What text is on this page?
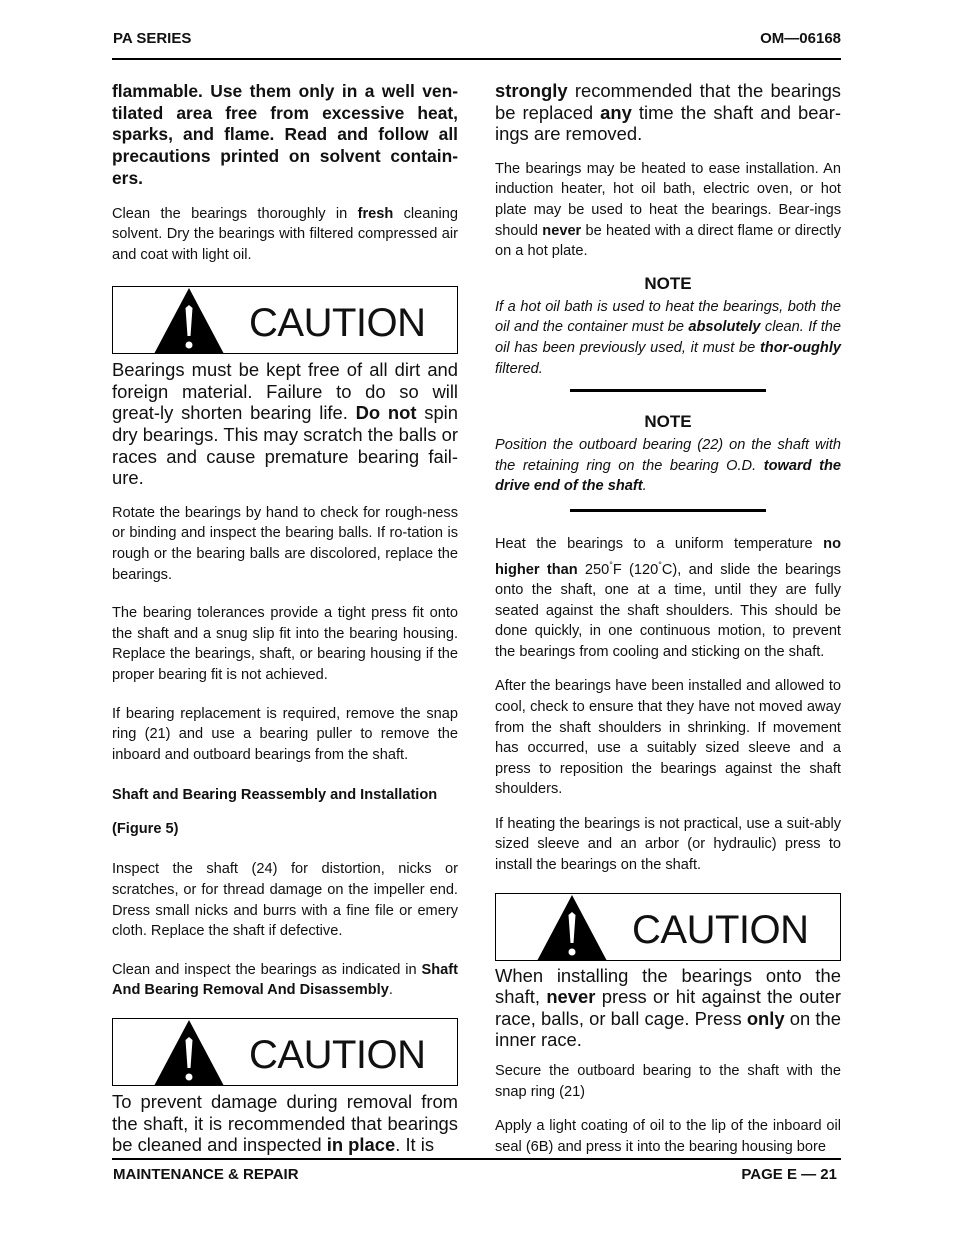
PA SERIES	OM—06168

flammable. Use them only in a well ven-tilated area free from excessive heat, sparks, and flame. Read and follow all precautions printed on solvent contain-ers.

Clean the bearings thoroughly in fresh cleaning solvent. Dry the bearings with filtered compressed air and coat with light oil.

CAUTION

Bearings must be kept free of all dirt and foreign material. Failure to do so will great-ly shorten bearing life. Do not spin dry bearings. This may scratch the balls or races and cause premature bearing fail-ure.

Rotate the bearings by hand to check for rough-ness or binding and inspect the bearing balls. If ro-tation is rough or the bearing balls are discolored, replace the bearings.

The bearing tolerances provide a tight press fit onto the shaft and a snug slip fit into the bearing housing. Replace the bearings, shaft, or bearing housing if the proper bearing fit is not achieved.

If bearing replacement is required, remove the snap ring (21) and use a bearing puller to remove the inboard and outboard bearings from the shaft.

Shaft and Bearing Reassembly and Installation

(Figure 5)

Inspect the shaft (24) for distortion, nicks or scratches, or for thread damage on the impeller end. Dress small nicks and burrs with a fine file or emery cloth. Replace the shaft if defective.

Clean and inspect the bearings as indicated in Shaft And Bearing Removal And Disassembly.

CAUTION

To prevent damage during removal from the shaft, it is recommended that bearings be cleaned and inspected in place. It is

strongly recommended that the bearings be replaced any time the shaft and bear-ings are removed.

The bearings may be heated to ease installation. An induction heater, hot oil bath, electric oven, or hot plate may be used to heat the bearings. Bear-ings should never be heated with a direct flame or directly on a hot plate.

NOTE

If a hot oil bath is used to heat the bearings, both the oil and the container must be absolutely clean. If the oil has been previously used, it must be thor-oughly filtered.

NOTE

Position the outboard bearing (22) on the shaft with the retaining ring on the bearing O.D. toward the drive end of the shaft.

Heat the bearings to a uniform temperature no higher than 250°F (120°C), and slide the bearings onto the shaft, one at a time, until they are fully seated against the shaft shoulders. This should be done quickly, in one continuous motion, to prevent the bearings from cooling and sticking on the shaft.

After the bearings have been installed and allowed to cool, check to ensure that they have not moved away from the shaft shoulders in shrinking. If movement has occurred, use a suitably sized sleeve and a press to reposition the bearings against the shaft shoulders.

If heating the bearings is not practical, use a suit-ably sized sleeve and an arbor (or hydraulic) press to install the bearings on the shaft.

CAUTION

When installing the bearings onto the shaft, never press or hit against the outer race, balls, or ball cage. Press only on the inner race.

Secure the outboard bearing to the shaft with the snap ring (21)

Apply a light coating of oil to the lip of the inboard oil seal (6B) and press it into the bearing housing bore

MAINTENANCE & REPAIR	PAGE E — 21
